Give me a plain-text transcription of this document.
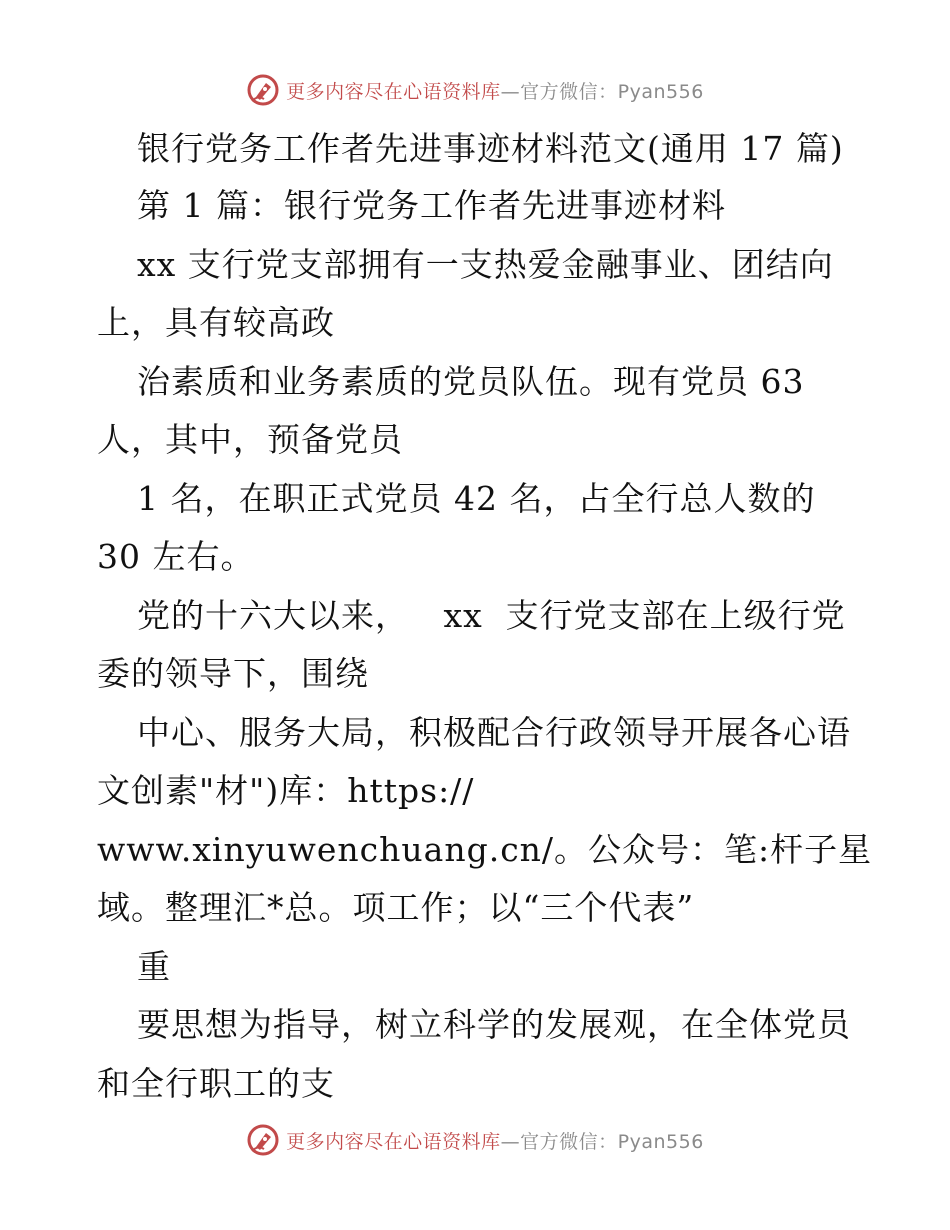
更多内容尽在心语资料库—官方微信：Pyan556
银行党务工作者先进事迹材料范文(通用 17 篇)
第 1 篇：银行党务工作者先进事迹材料
xx 支行党支部拥有一支热爱金融事业、团结向
上，具有较高政
治素质和业务素质的党员队伍。现有党员 63
人，其中，预备党员
1 名，在职正式党员 42 名，占全行总人数的
30 左右。
党的十六大以来，   xx  支行党支部在上级行党
委的领导下，围绕
中心、服务大局，积极配合行政领导开展各心语
文创素"材")库：https://
www.xinyuwenchuang.cn/。公众号：笔:杆子星
域。整理汇*总。项工作；以“三个代表”
重
要思想为指导，树立科学的发展观，在全体党员
和全行职工的支
更多内容尽在心语资料库—官方微信：Pyan556
